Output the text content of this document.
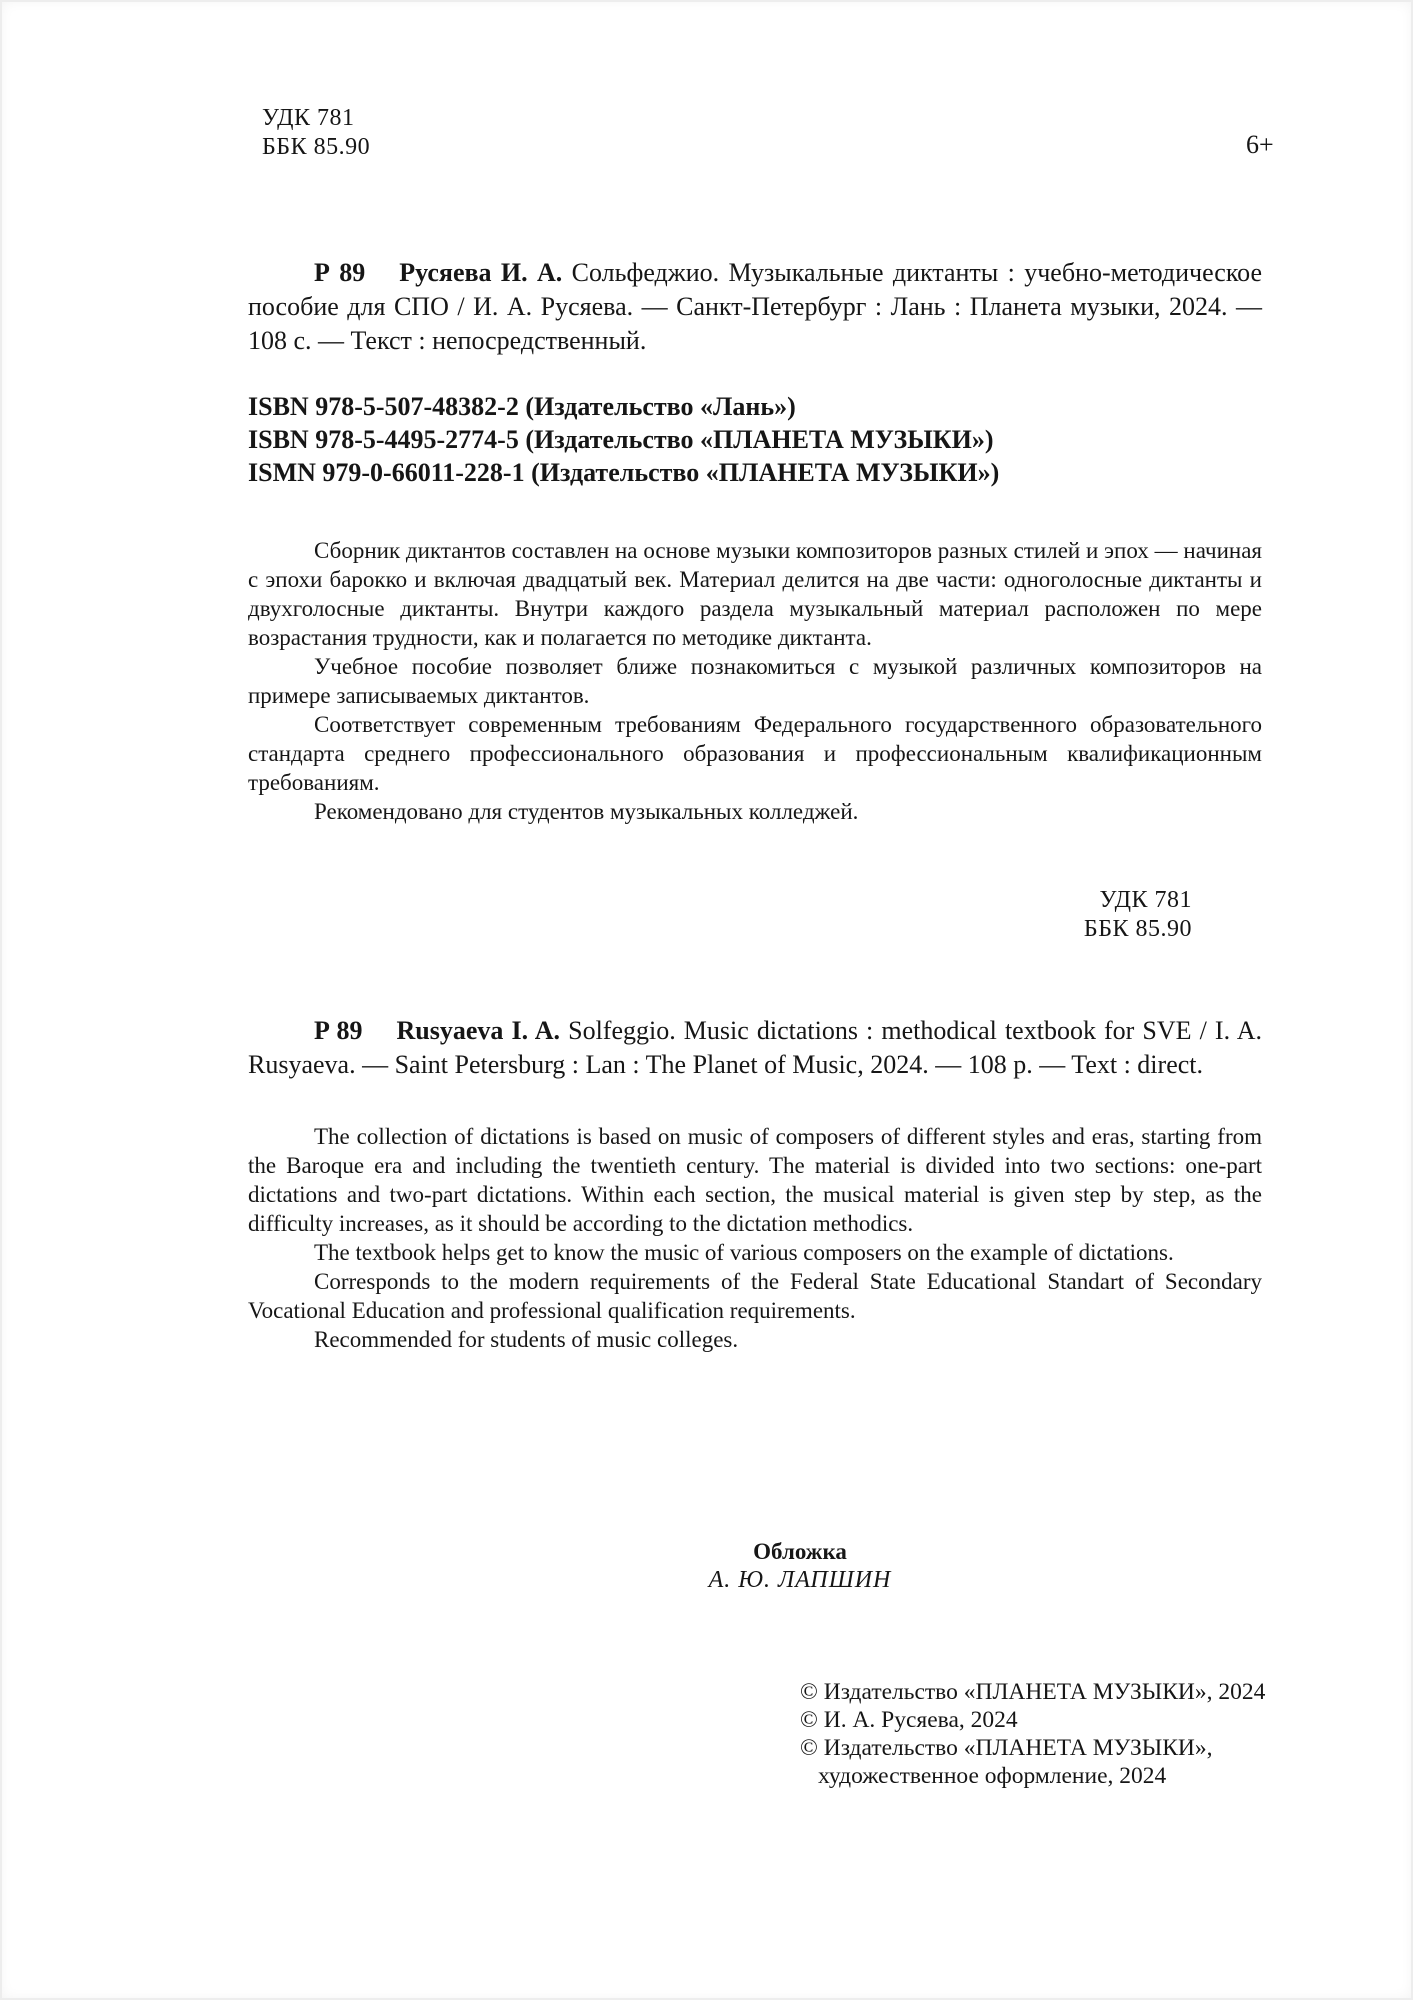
УДК 781
ББК 85.90	6+

Р 89 Русяева И. А. Сольфеджио. Музыкальные диктанты : учебно-методическое пособие для СПО / И. А. Русяева. — Санкт-Петербург : Лань : Планета музыки, 2024. — 108 с. — Текст : непосредственный.

ISBN 978-5-507-48382-2 (Издательство «Лань»)
ISBN 978-5-4495-2774-5 (Издательство «ПЛАНЕТА МУЗЫКИ»)
ISMN 979-0-66011-228-1 (Издательство «ПЛАНЕТА МУЗЫКИ»)

Сборник диктантов составлен на основе музыки композиторов разных стилей и эпох — начиная с эпохи барокко и включая двадцатый век. Материал делится на две части: одноголосные диктанты и двухголосные диктанты. Внутри каждого раздела музыкальный материал расположен по мере возрастания трудности, как и полагается по методике диктанта.

Учебное пособие позволяет ближе познакомиться с музыкой различных композиторов на примере записываемых диктантов.

Соответствует современным требованиям Федерального государственного образовательного стандарта среднего профессионального образования и профессиональным квалификационным требованиям.

Рекомендовано для студентов музыкальных колледжей.

УДК 781
ББК 85.90

P 89 Rusyaeva I. A. Solfeggio. Music dictations : methodical textbook for SVE / I. A. Rusyaeva. — Saint Petersburg : Lan : The Planet of Music, 2024. — 108 p. — Text : direct.

The collection of dictations is based on music of composers of different styles and eras, starting from the Baroque era and including the twentieth century. The material is divided into two sections: one-part dictations and two-part dictations. Within each section, the musical material is given step by step, as the difficulty increases, as it should be according to the dictation methodics.

The textbook helps get to know the music of various composers on the example of dictations.

Corresponds to the modern requirements of the Federal State Educational Standart of Secondary Vocational Education and professional qualification requirements.

Recommended for students of music colleges.

Обложка
А. Ю. ЛАПШИН
© Издательство «ПЛАНЕТА МУЗЫКИ», 2024
© И. А. Русяева, 2024
© Издательство «ПЛАНЕТА МУЗЫКИ»,
художественное оформление, 2024
